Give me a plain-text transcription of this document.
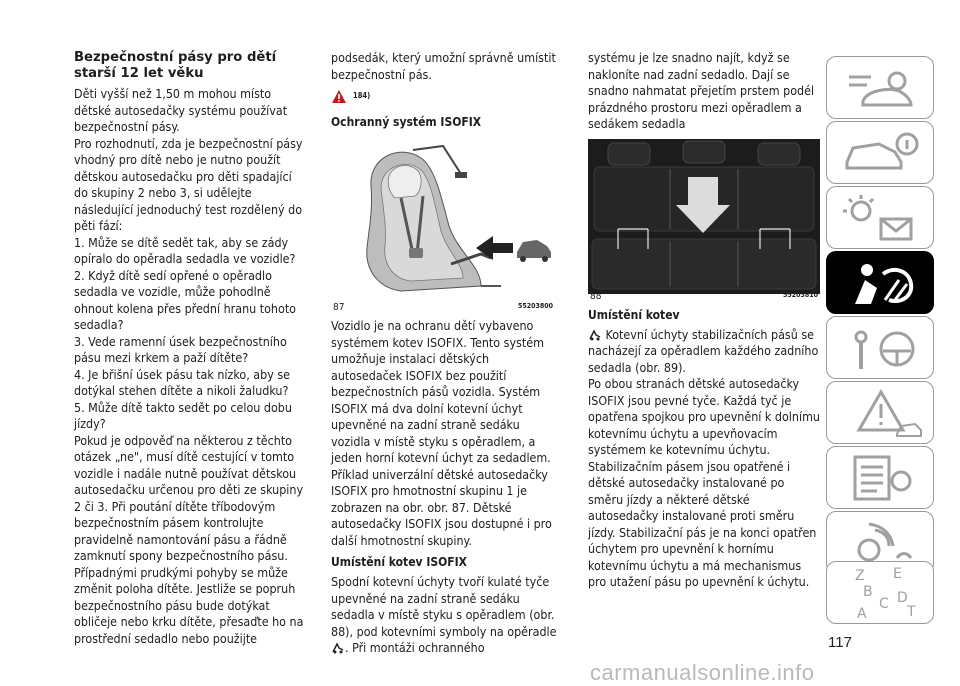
Bezpečnostní pásy pro dětí starší 12 let věku

Děti vyšší než 1,50 m mohou místo dětské autosedačky systému používat bezpečnostní pásy.

Pro rozhodnutí, zda je bezpečnostní pásy vhodný pro dítě nebo je nutno použít dětskou autosedačku pro děti spadající do skupiny 2 nebo 3, si udělejte následující jednoduchý test rozdělený do pěti fází:

1. Může se dítě sedět tak, aby se zády opíralo do opěradla sedadla ve vozidle?

2. Když dítě sedí opřené o opěradlo sedadla ve vozidle, může pohodlně ohnout kolena přes přední hranu tohoto sedadla?

3. Vede ramenní úsek bezpečnostního pásu mezi krkem a paží dítěte?

4. Je břišní úsek pásu tak nízko, aby se dotýkal stehen dítěte a nikoli žaludku?

5. Může dítě takto sedět po celou dobu jízdy?

Pokud je odpověď na některou z těchto otázek „ne", musí dítě cestující v tomto vozidle i nadále nutně používat dětskou autosedačku určenou pro děti ze skupiny 2 či 3. Při poutání dítěte tříbodovým bezpečnostním pásem kontrolujte pravidelně namontování pásu a řádně zamknutí spony bezpečnostního pásu. Případnými prudkými pohyby se může změnit poloha dítěte. Jestliže se popruh bezpečnostního pásu bude dotýkat obličeje nebo krku dítěte, přesaďte ho na prostřední sedadlo nebo použijte

podsedák, který umožní správně umístit bezpečnostní pás.

184)
Ochranný systém ISOFIX
87	55203800

Vozidlo je na ochranu dětí vybaveno systémem kotev ISOFIX. Tento systém umožňuje instalaci dětských autosedaček ISOFIX bez použití bezpečnostních pásů vozidla. Systém ISOFIX má dva dolní kotevní úchyt upevněné na zadní straně sedáku vozidla v místě styku s opěradlem, a jeden horní kotevní úchyt za sedadlem.

Příklad univerzální dětské autosedačky ISOFIX pro hmotnostní skupinu 1 je zobrazen na obr. obr. 87. Dětské autosedačky ISOFIX jsou dostupné i pro další hmotnostní skupiny.

Umístění kotev ISOFIX

Spodní kotevní úchyty tvoří kulaté tyče upevněné na zadní straně sedáku sedadla v místě styku s opěradlem (obr. 88), pod kotevními symboly na opěradle . Při montáži ochranného

systému je lze snadno najít, když se nakloníte nad zadní sedadlo. Dají se snadno nahmatat přejetím prstem podél prázdného prostoru mezi opěradlem a sedákem sedadla

88	55203810
Umístění kotev

Kotevní úchyty stabilizačních pásů se nacházejí za opěradlem každého zadního sedadla (obr. 89).

Po obou stranách dětské autosedačky ISOFIX jsou pevné tyče. Každá tyč je opatřena spojkou pro upevnění k dolnímu kotevnímu úchytu a upevňovacím systémem ke kotevnímu úchytu. Stabilizačním pásem jsou opatřené i dětské autosedačky instalované po směru jízdy a některé dětské autosedačky instalované proti směru jízdy. Stabilizační pás je na konci opatřen úchytem pro upevnění k hornímu kotevnímu úchytu a má mechanismus pro utažení pásu po upevnění k úchytu.	Z E
B
C D
A	T
117
carmanualsonline.info
